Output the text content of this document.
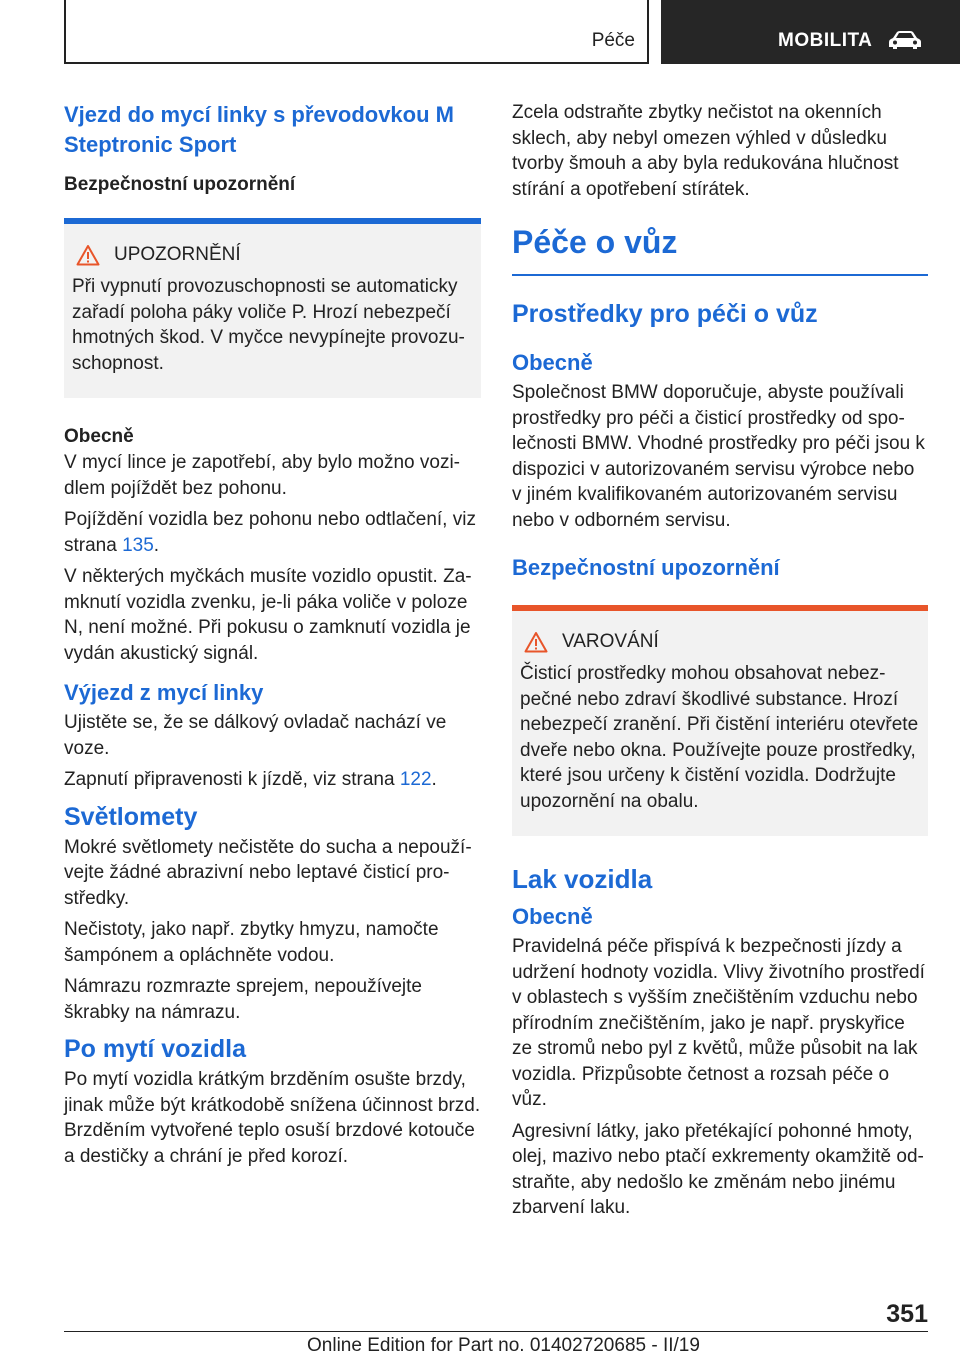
Péče	MOBILITA
Vjezd do mycí linky s převodovkou M Steptronic Sport

Bezpečnostní upozornění

UPOZORNĚNÍ

Při vypnutí provozuschopnosti se automaticky zařadí poloha páky voliče P. Hrozí nebezpečí hmotných škod. V myčce nevypínejte provozu-schopnost.

Obecně

V mycí lince je zapotřebí, aby bylo možno vozi-dlem pojíždět bez pohonu.

Pojíždění vozidla bez pohonu nebo odtlačení, viz strana 135.

V některých myčkách musíte vozidlo opustit. Za-mknutí vozidla zvenku, je-li páka voliče v poloze N, není možné. Při pokusu o zamknutí vozidla je vydán akustický signál.

Výjezd z mycí linky

Ujistěte se, že se dálkový ovladač nachází ve voze.

Zapnutí připravenosti k jízdě, viz strana 122.

Světlomety

Mokré světlomety nečistěte do sucha a nepouží-vejte žádné abrazivní nebo leptavé čisticí pro-středky.

Nečistoty, jako např. zbytky hmyzu, namočte šampónem a opláchněte vodou.

Námrazu rozmrazte sprejem, nepoužívejte škrabky na námrazu.

Po mytí vozidla

Po mytí vozidla krátkým brzděním osušte brzdy, jinak může být krátkodobě snížena účinnost brzd. Brzděním vytvořené teplo osuší brzdové kotouče a destičky a chrání je před korozí.

Zcela odstraňte zbytky nečistot na okenních sklech, aby nebyl omezen výhled v důsledku tvorby šmouh a aby byla redukována hlučnost stírání a opotřebení stírátek.

Péče o vůz
Prostředky pro péči o vůz
Obecně

Společnost BMW doporučuje, abyste používali prostředky pro péči a čisticí prostředky od spo-lečnosti BMW. Vhodné prostředky pro péči jsou k dispozici v autorizovaném servisu výrobce nebo v jiném kvalifikovaném autorizovaném servisu nebo v odborném servisu.

Bezpečnostní upozornění
VAROVÁNÍ

Čisticí prostředky mohou obsahovat nebez-pečné nebo zdraví škodlivé substance. Hrozí nebezpečí zranění. Při čistění interiéru otevřete dveře nebo okna. Používejte pouze prostředky, které jsou určeny k čistění vozidla. Dodržujte upozornění na obalu.

Lak vozidla
Obecně

Pravidelná péče přispívá k bezpečnosti jízdy a udržení hodnoty vozidla. Vlivy životního prostředí v oblastech s vyšším znečištěním vzduchu nebo přírodním znečištěním, jako je např. pryskyřice ze stromů nebo pyl z květů, může působit na lak vozidla. Přizpůsobte četnost a rozsah péče o vůz.

Agresivní látky, jako přetékající pohonné hmoty, olej, mazivo nebo ptačí exkrementy okamžitě od-straňte, aby nedošlo ke změnám nebo jinému zbarvení laku.

351
Online Edition for Part no. 01402720685 - II/19
